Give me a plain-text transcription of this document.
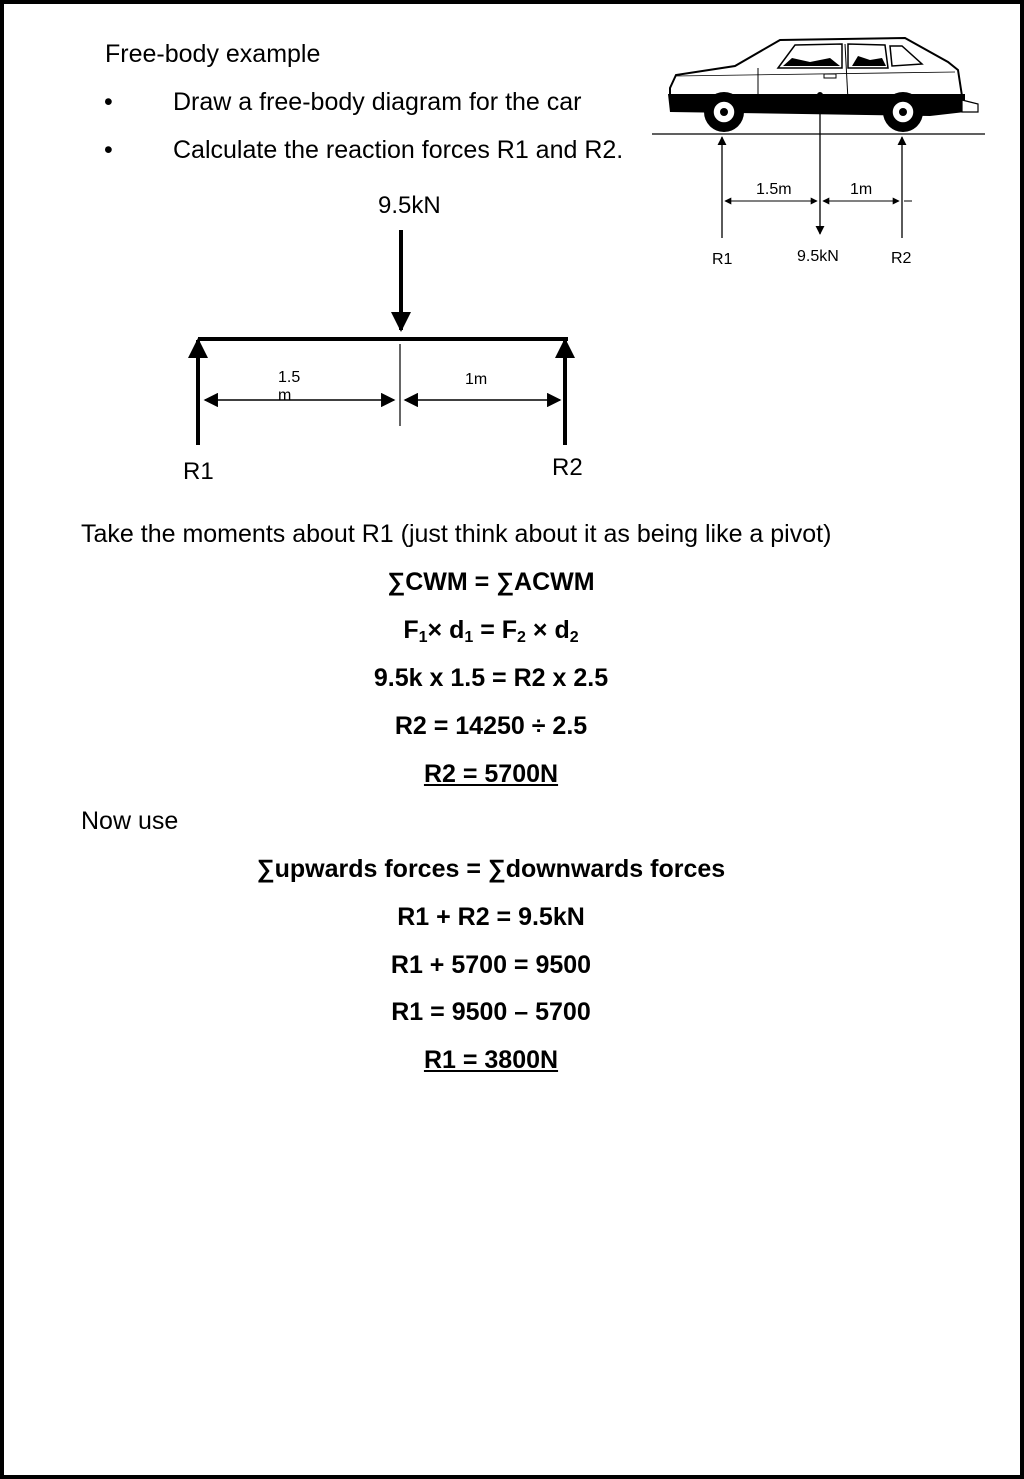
Free-body example
• Draw a free-body diagram for the car
• Calculate the reaction forces R1 and R2.
1.5m	1m
R1	9.5kN	R2
9.5kN
1.5 m
1m
R1	R2
Take the moments about R1 (just think about it as being like a pivot)
∑CWM = ∑ACWM
$F_1\times d_1 = F_2 \times d_2$
9.5k x 1.5 = R2 x 2.5
R2 = 14250 ÷ 2.5
R2 = 5700N
Now use
∑upwards forces = ∑downwards forces
R1 + R2 = 9.5kN
R1 + 5700 = 9500
R1 = 9500 – 5700
R1 = 3800N
